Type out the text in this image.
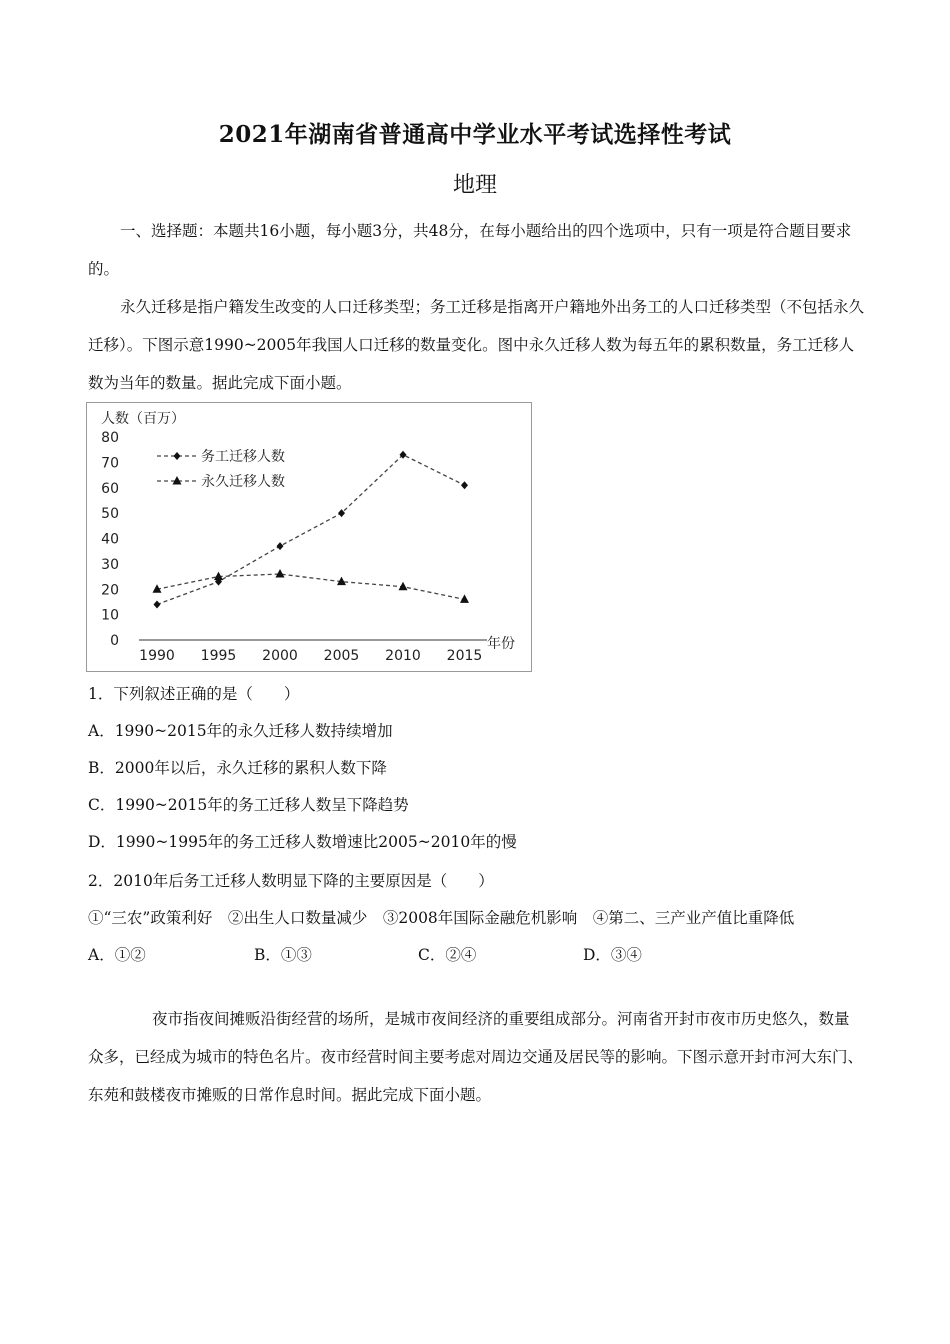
2021年湖南省普通高中学业水平考试选择性考试
地理
一、选择题：本题共16小题，每小题3分，共48分，在每小题给出的四个选项中，只有一项是符合题目要求的。
永久迁移是指户籍发生改变的人口迁移类型；务工迁移是指离开户籍地外出务工的人口迁移类型（不包括永久迁移）。下图示意1990~2005年我国人口迁移的数量变化。图中永久迁移人数为每五年的累积数量，务工迁移人数为当年的数量。据此完成下面小题。
人数（百万）
0
10
20
30
40
50
60
70
80
1990 1995 2000 2005 2010 2015
年份
务工迁移人数
永久迁移人数
1．下列叙述正确的是（　　）
A．1990~2015年的永久迁移人数持续增加
B．2000年以后，永久迁移的累积人数下降
C．1990~2015年的务工迁移人数呈下降趋势
D．1990~1995年的务工迁移人数增速比2005~2010年的慢
2．2010年后务工迁移人数明显下降的主要原因是（　　）
①“三农”政策利好　②出生人口数量减少　③2008年国际金融危机影响　④第二、三产业产值比重降低
A．①②	B．①③	C．②④	D．③④
夜市指夜间摊贩沿街经营的场所，是城市夜间经济的重要组成部分。河南省开封市夜市历史悠久，数量众多，已经成为城市的特色名片。夜市经营时间主要考虑对周边交通及居民等的影响。下图示意开封市河大东门、东苑和鼓楼夜市摊贩的日常作息时间。据此完成下面小题。
